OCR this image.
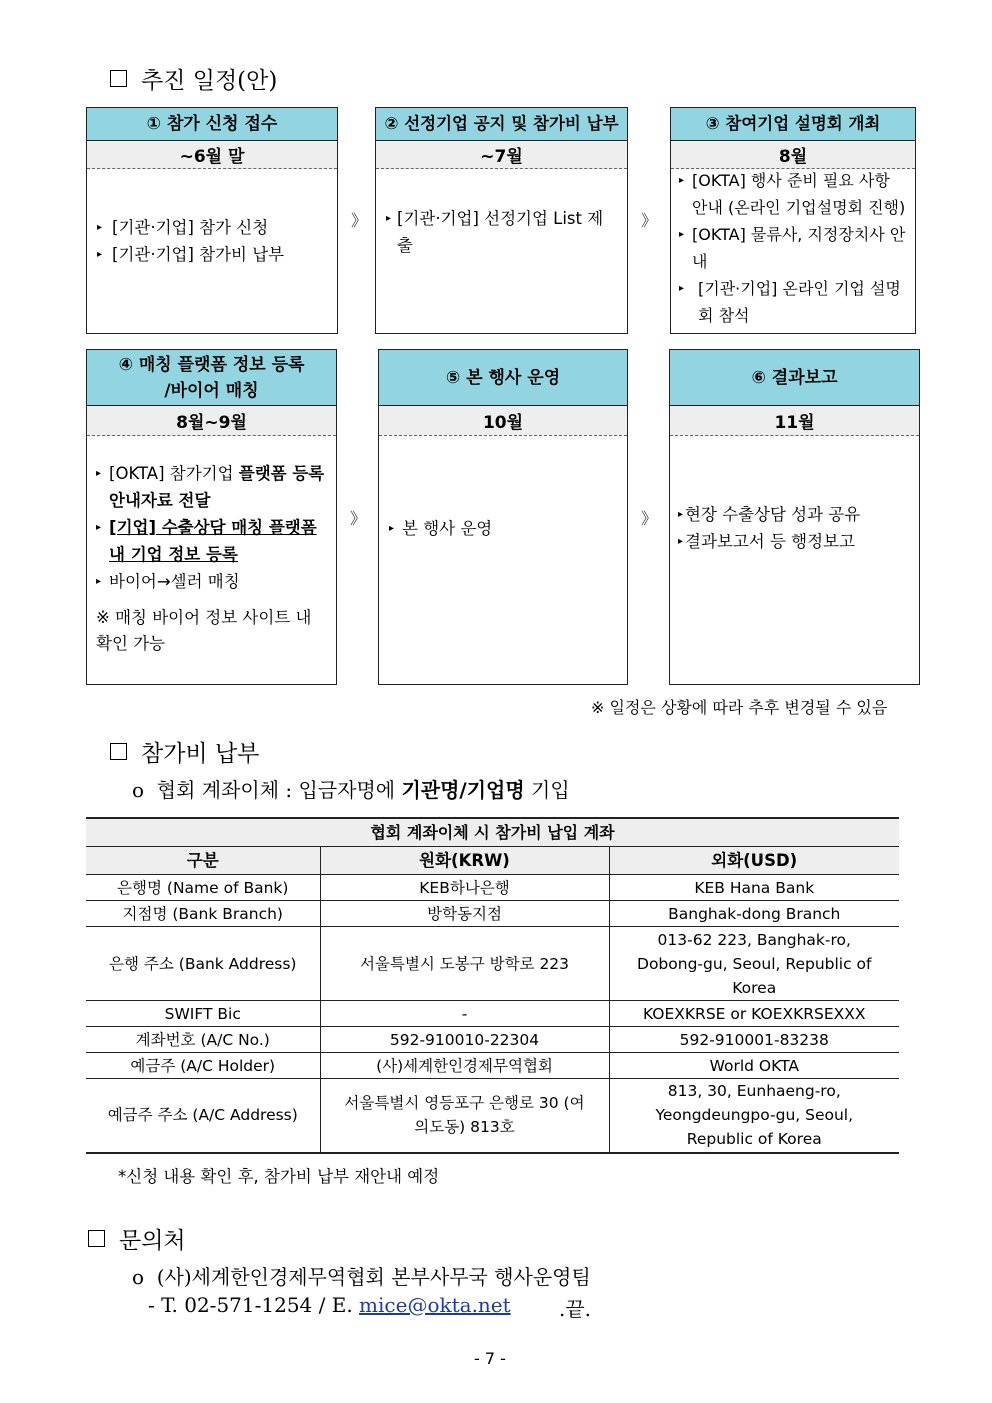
추진 일정(안)
① 참가 신청 접수
~6월 말
▸ [기관·기업] 참가 신청
▸ [기관·기업] 참가비 납부
》
② 선정기업 공지 및 참가비 납부
~7월
▸ [기관·기업] 선정기업 List 제출
》
③ 참여기업 설명회 개최
8월
▸ [OKTA] 행사 준비 필요 사항 안내 (온라인 기업설명회 진행)
▸ [OKTA] 물류사, 지정장치사 안내
▸ [기관·기업] 온라인 기업 설명회 참석
④ 매칭 플랫폼 정보 등록
/바이어 매칭
8월~9월
▸ [OKTA] 참가기업 플랫폼 등록 안내자료 전달
▸ [기업] 수출상담 매칭 플랫폼 내 기업 정보 등록
▸ 바이어→셀러 매칭
※ 매칭 바이어 정보 사이트 내 확인 가능
》
⑤ 본 행사 운영
10월
▸ 본 행사 운영
》
⑥ 결과보고
11월
▸ 현장 수출상담 성과 공유
▸ 결과보고서 등 행정보고
※ 일정은 상황에 따라 추후 변경될 수 있음
참가비 납부
o  협회 계좌이체 : 입금자명에 기관명/기업명 기입
협회 계좌이체 시 참가비 납입 계좌		
구분	원화(KRW)	외화(USD)
은행명 (Name of Bank)	KEB하나은행	KEB Hana Bank
지점명 (Bank Branch)	방학동지점	Banghak-dong Branch
은행 주소 (Bank Address)	서울특별시 도봉구 방학로 223	013-62 223, Banghak-ro, Dobong-gu, Seoul, Republic of Korea
SWIFT Bic	-	KOEXKRSE or KOEXKRSEXXX
계좌번호 (A/C No.)	592-910010-22304	592-910001-83238
예금주 (A/C Holder)	(사)세계한인경제무역협회	World OKTA
예금주 주소 (A/C Address)	서울특별시 영등포구 은행로 30 (여의도동) 813호	813, 30, Eunhaeng-ro, Yeongdeungpo-gu, Seoul, Republic of Korea
*신청 내용 확인 후, 참가비 납부 재안내 예정
문의처
o  (사)세계한인경제무역협회 본부사무국 행사운영팀
- T. 02-571-1254 / E. mice@okta.net .끝.
- 7 -
